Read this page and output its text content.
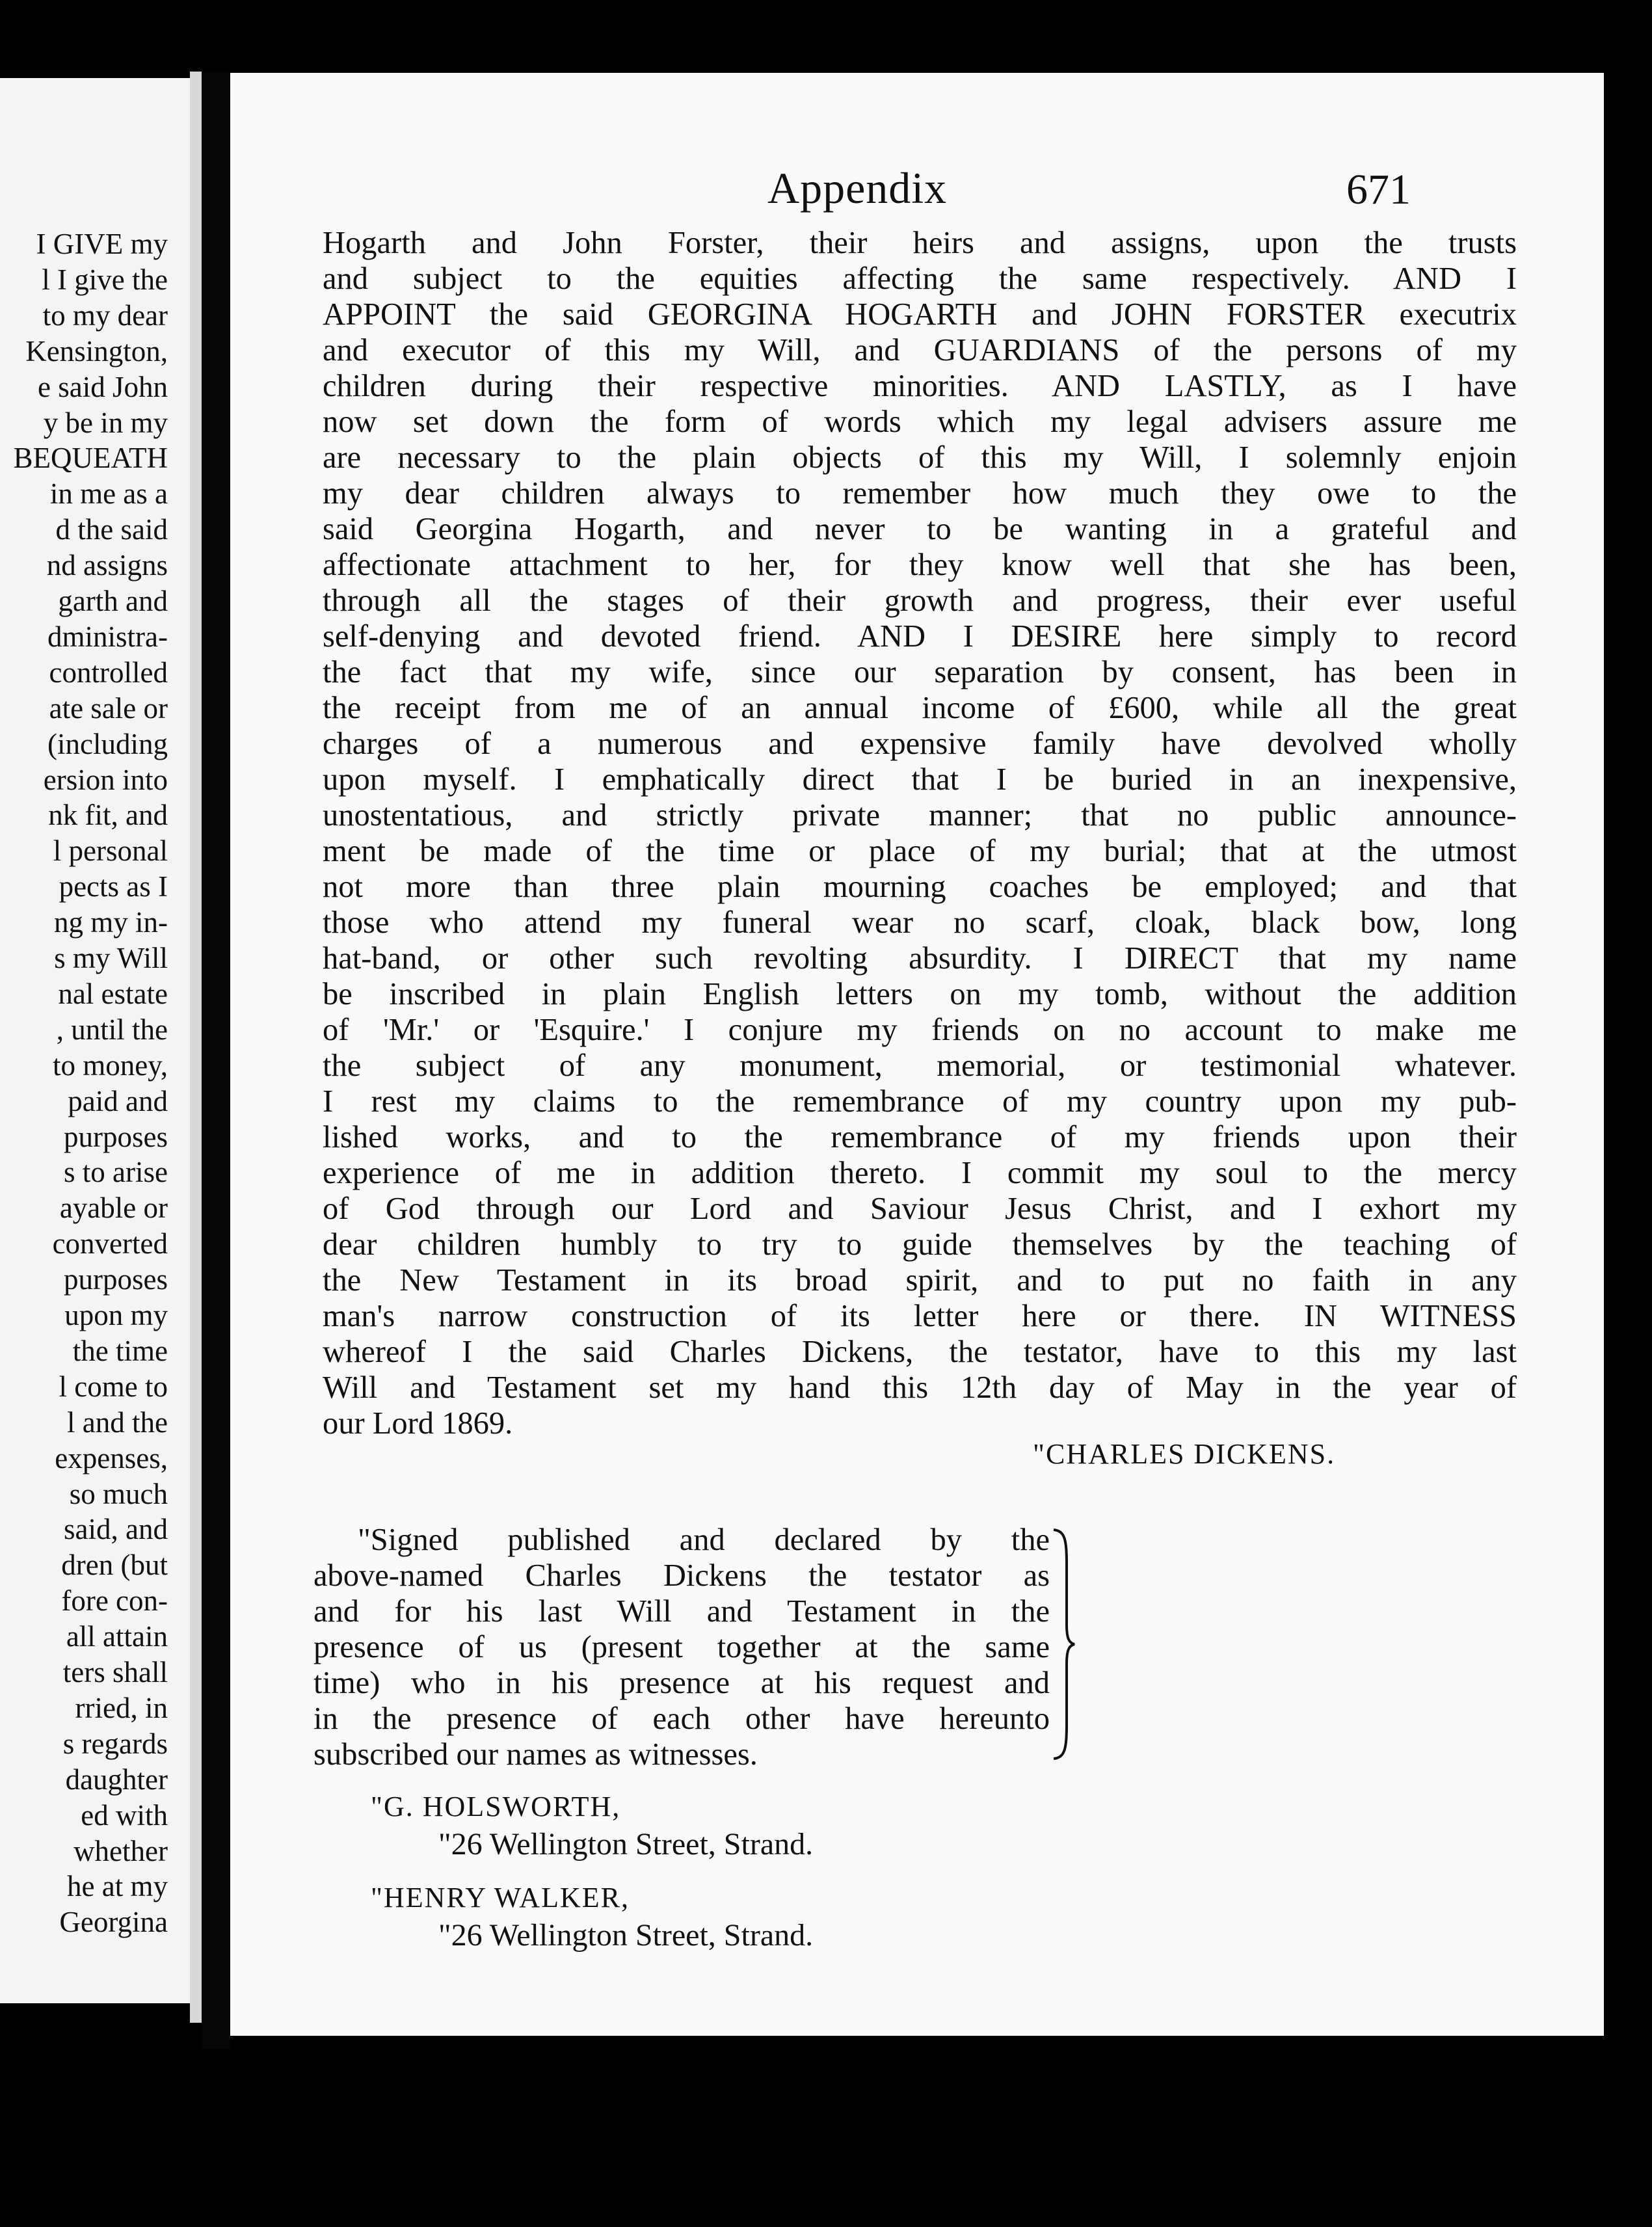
I GIVE my
l I give the
to my dear
Kensington,
e said John
y be in my
BEQUEATH
in me as a
d the said
nd assigns
garth and
dministra-
controlled
ate sale or
(including
ersion into
nk fit, and
l personal
pects as I
ng my in-
s my Will
nal estate
, until the
to money,
paid and
purposes
s to arise
ayable or
converted
purposes
upon my
the time
l come to
l and the
expenses,
so much
said, and
dren (but
fore con-
all attain
ters shall
rried, in
s regards
daughter
ed with
whether
he at my
Georgina
Appendix	671
Hogarth and John Forster, their heirs and assigns, upon the trusts
and subject to the equities affecting the same respectively. AND I
APPOINT the said GEORGINA HOGARTH and JOHN FORSTER executrix
and executor of this my Will, and GUARDIANS of the persons of my
children during their respective minorities. AND LASTLY, as I have
now set down the form of words which my legal advisers assure me
are necessary to the plain objects of this my Will, I solemnly enjoin
my dear children always to remember how much they owe to the
said Georgina Hogarth, and never to be wanting in a grateful and
affectionate attachment to her, for they know well that she has been,
through all the stages of their growth and progress, their ever useful
self-denying and devoted friend. AND I DESIRE here simply to record
the fact that my wife, since our separation by consent, has been in
the receipt from me of an annual income of £600, while all the great
charges of a numerous and expensive family have devolved wholly
upon myself. I emphatically direct that I be buried in an inexpensive,
unostentatious, and strictly private manner; that no public announce-
ment be made of the time or place of my burial; that at the utmost
not more than three plain mourning coaches be employed; and that
those who attend my funeral wear no scarf, cloak, black bow, long
hat-band, or other such revolting absurdity. I DIRECT that my name
be inscribed in plain English letters on my tomb, without the addition
of 'Mr.' or 'Esquire.' I conjure my friends on no account to make me
the subject of any monument, memorial, or testimonial whatever.
I rest my claims to the remembrance of my country upon my pub-
lished works, and to the remembrance of my friends upon their
experience of me in addition thereto. I commit my soul to the mercy
of God through our Lord and Saviour Jesus Christ, and I exhort my
dear children humbly to try to guide themselves by the teaching of
the New Testament in its broad spirit, and to put no faith in any
man's narrow construction of its letter here or there. IN WITNESS
whereof I the said Charles Dickens, the testator, have to this my last
Will and Testament set my hand this 12th day of May in the year of
our Lord 1869.
"CHARLES DICKENS.
"Signed published and declared by the
above-named Charles Dickens the testator as
and for his last Will and Testament in the
presence of us (present together at the same
time) who in his presence at his request and
in the presence of each other have hereunto
subscribed our names as witnesses.
"G. HOLSWORTH,
"26 Wellington Street, Strand.
"HENRY WALKER,
"26 Wellington Street, Strand.
